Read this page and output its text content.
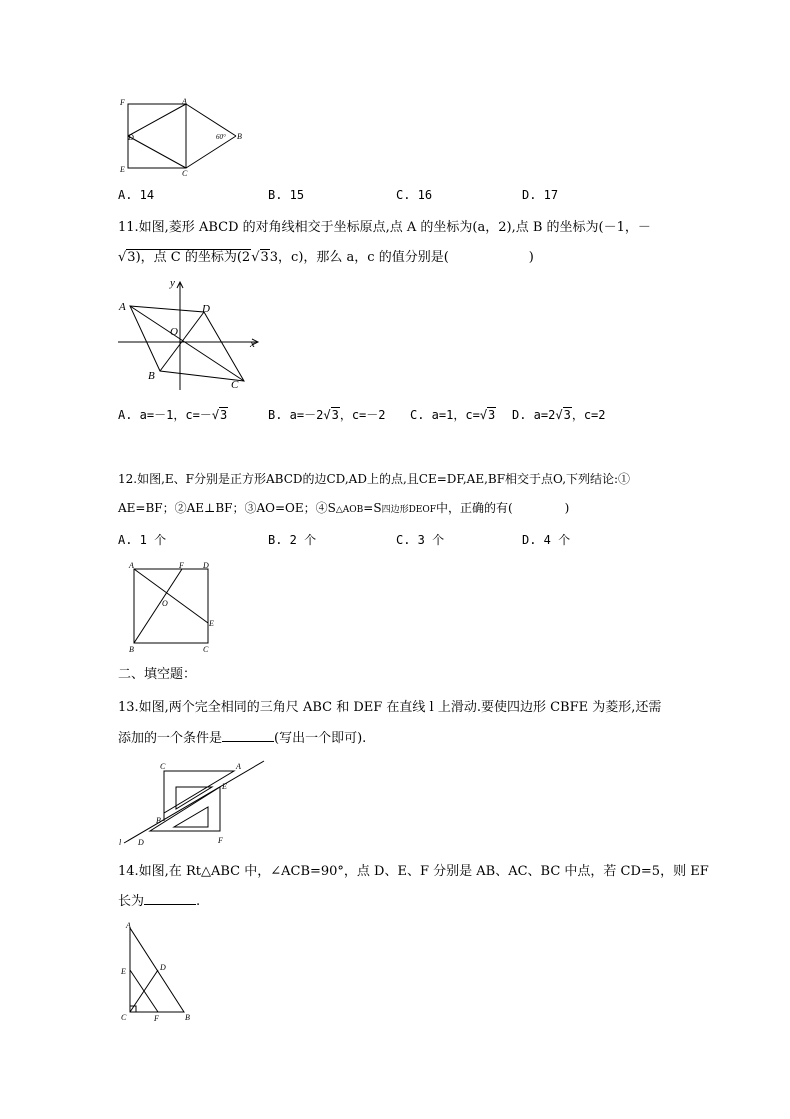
F	A
D
E	C
B
60°
A. 14	B. 15	C. 16	D. 17
11.如图,菱形 ABCD 的对角线相交于坐标原点,点 A 的坐标为(a，2),点 B 的坐标为(－1，－
√3)，点 C 的坐标为(2√33，c)，那么 a，c 的值分别是(	)
y
x
A	D
O
B
C
A. a=－1，c=－√3	B. a=－2√3，c=－2 C. a=1，c=√3 D. a=2√3，c=2
12.如图,E、F分别是正方形ABCD的边CD,AD上的点,且CE=DF,AE,BF相交于点O,下列结论:①
AE=BF；②AE⊥BF；③AO=OE；④S△AOB=S四边形DEOF中，正确的有(	)
A. 1 个	B. 2 个	C. 3 个	D. 4 个
A	F D
O
E
B	C
二、填空题：
13.如图,两个完全相同的三角尺 ABC 和 DEF 在直线 l 上滑动.要使四边形 CBFE 为菱形,还需
添加的一个条件是	(写出一个即可).
C	A
E
B
l D	F
14.如图,在 Rt△ABC 中，∠ACB=90°，点 D、E、F 分别是 AB、AC、BC 中点，若 CD=5，则 EF
长为	.
A
E	D
C	F	B
